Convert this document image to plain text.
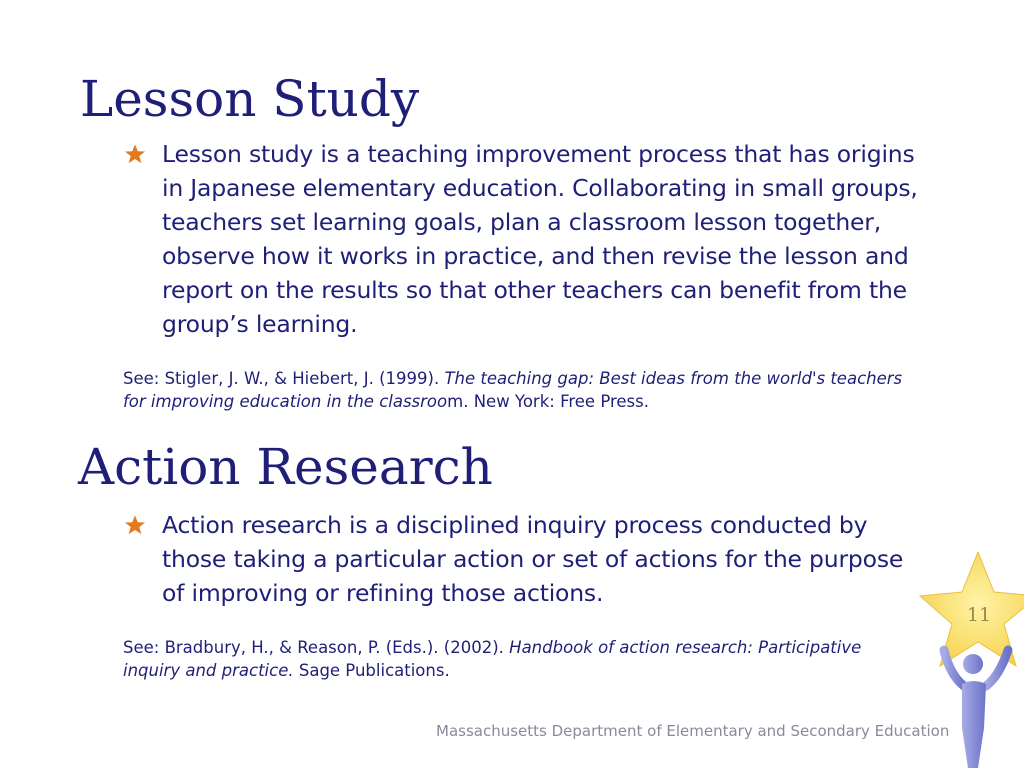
Lesson Study
Lesson study is a teaching improvement process that has origins in Japanese elementary education. Collaborating in small groups, teachers set learning goals, plan a classroom lesson together, observe how it works in practice, and then revise the lesson and report on the results so that other teachers can benefit from the group’s learning.
See: Stigler, J. W., & Hiebert, J. (1999). The teaching gap: Best ideas from the world's teachers for improving education in the classroom. New York: Free Press.
Action Research
Action research is a disciplined inquiry process conducted by those taking a particular action or set of actions for the purpose of improving or refining those actions.
See: Bradbury, H., & Reason, P. (Eds.). (2002). Handbook of action research: Participative inquiry and practice. Sage Publications.
Massachusetts Department of Elementary and Secondary Education
11
